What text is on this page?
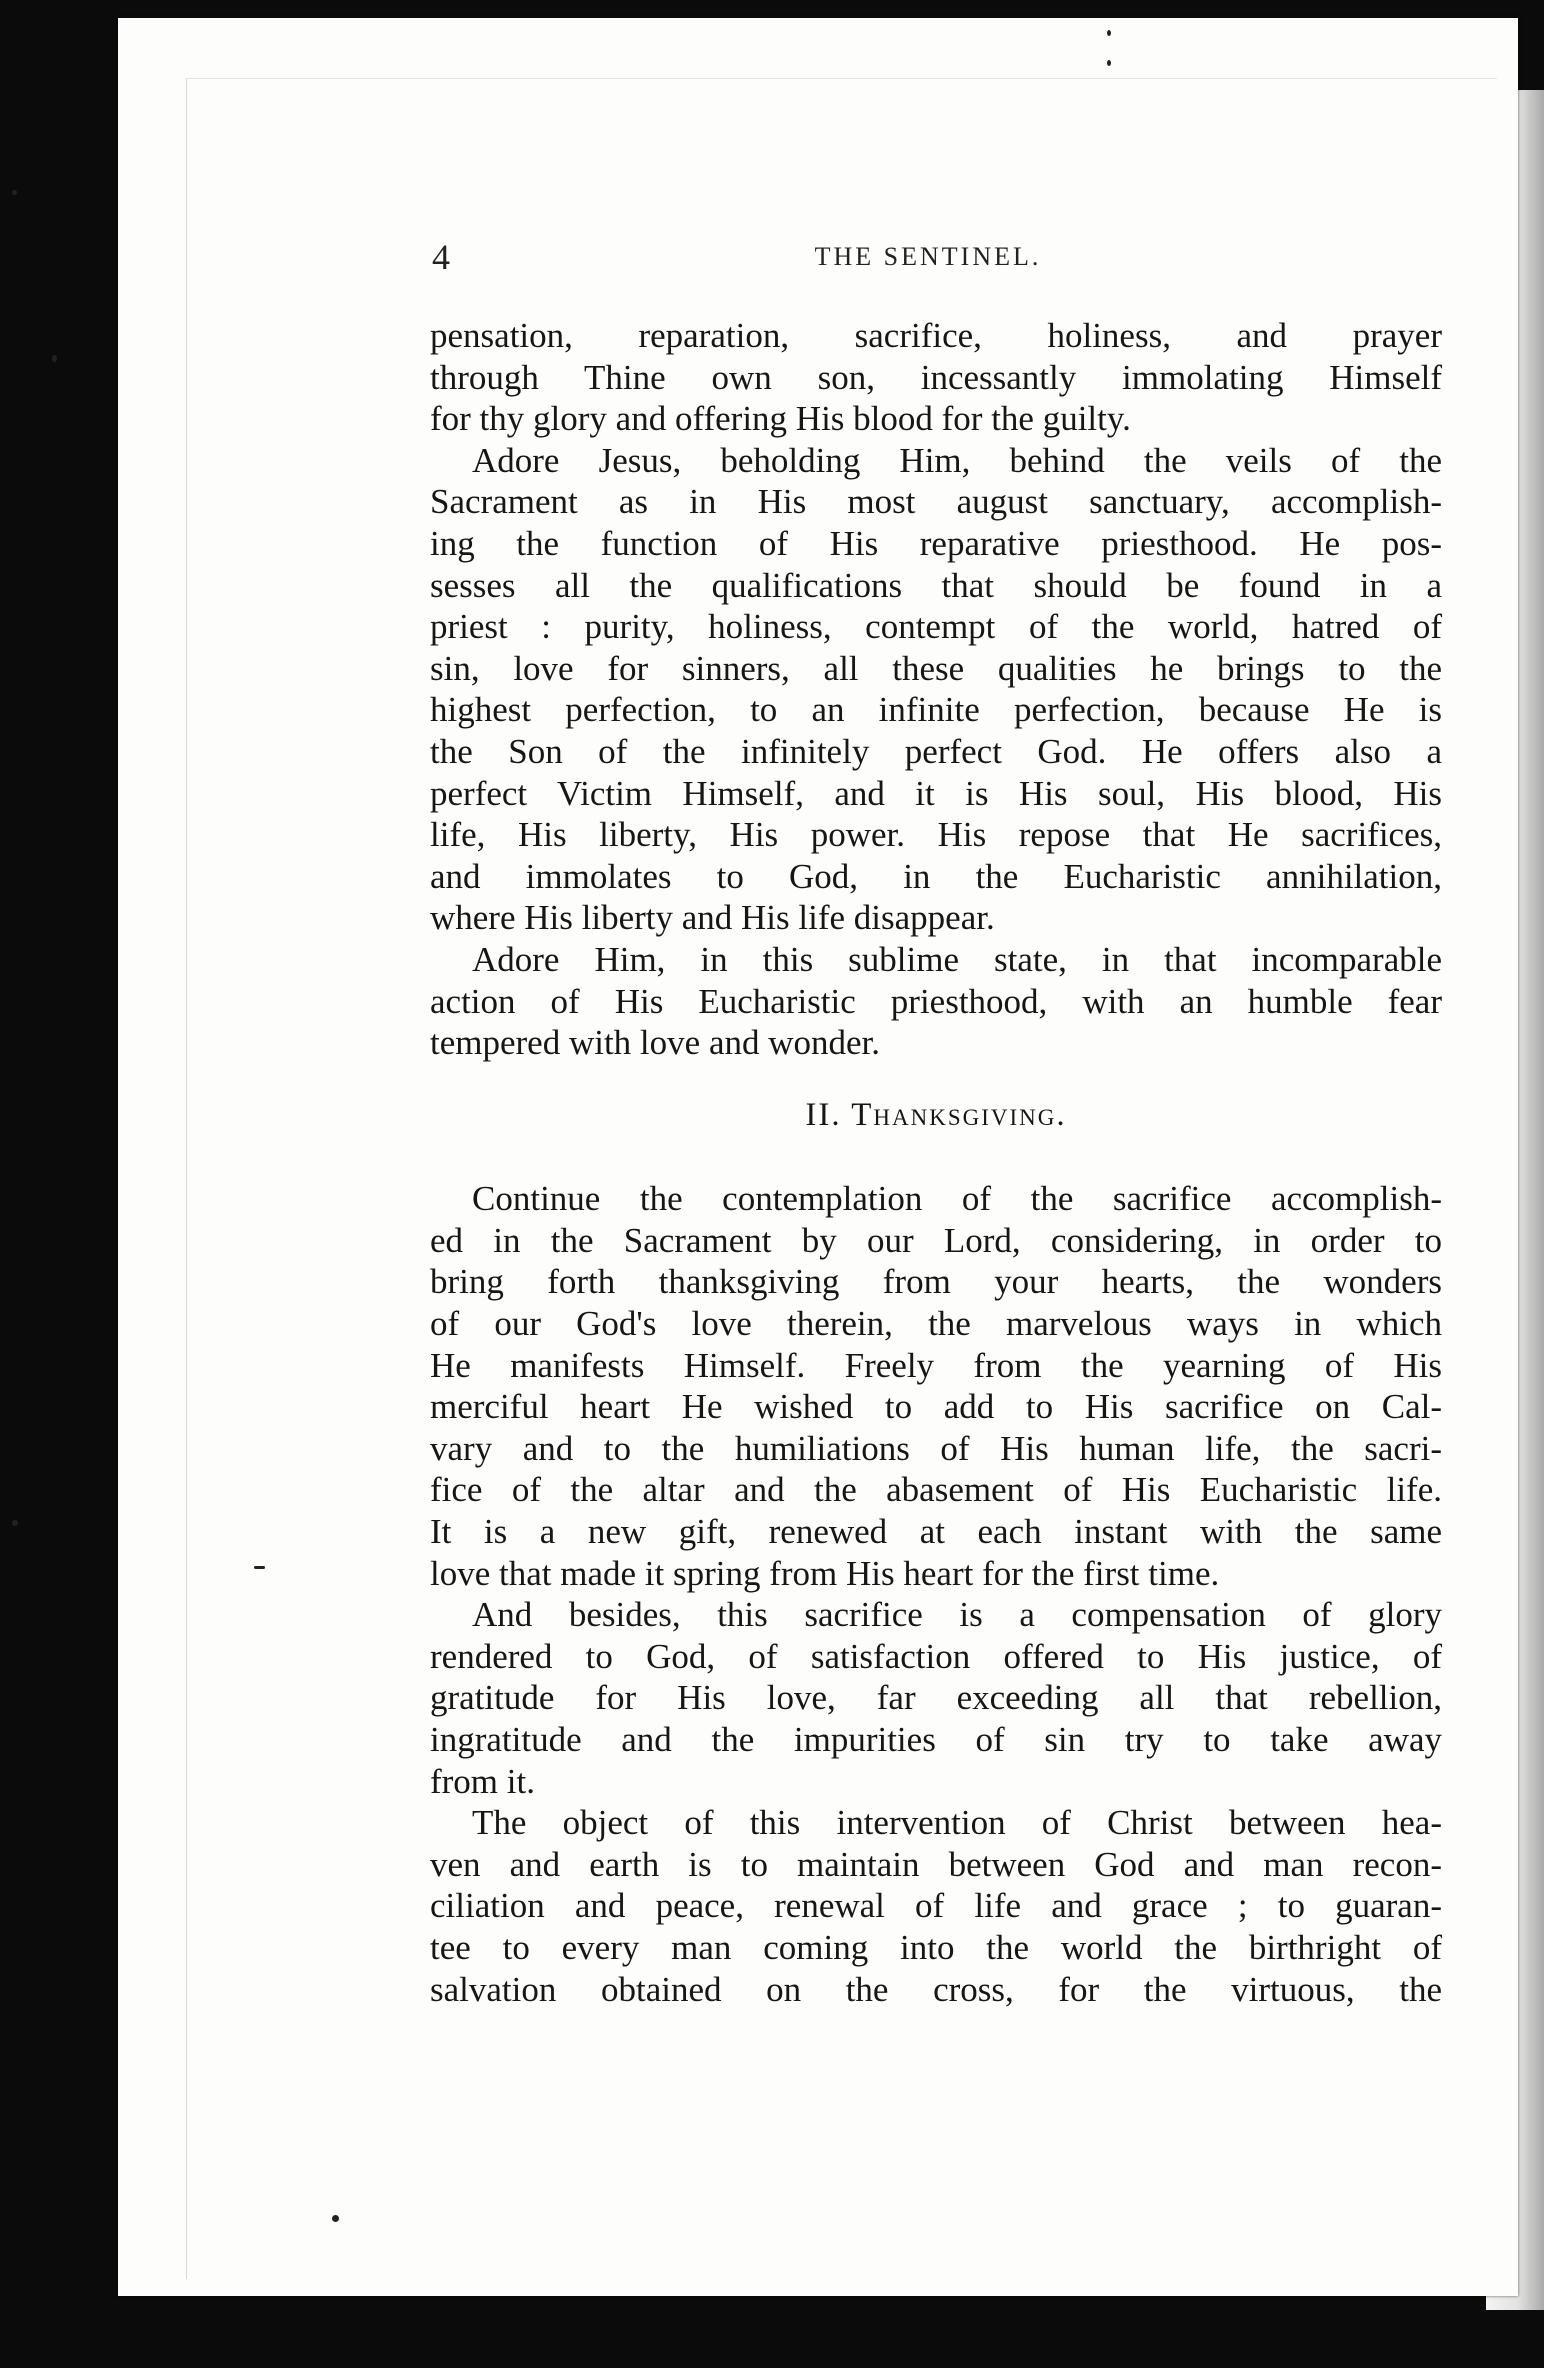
4	THE SENTINEL.
pensation, reparation, sacrifice, holiness, and prayer
through Thine own son, incessantly immolating Himself
for thy glory and offering His blood for the guilty.
Adore Jesus, beholding Him, behind the veils of the
Sacrament as in His most august sanctuary, accomplish-
ing the function of His reparative priesthood. He pos-
sesses all the qualifications that should be found in a
priest : purity, holiness, contempt of the world, hatred of
sin, love for sinners, all these qualities he brings to the
highest perfection, to an infinite perfection, because He is
the Son of the infinitely perfect God. He offers also a
perfect Victim Himself, and it is His soul, His blood, His
life, His liberty, His power. His repose that He sacrifices,
and immolates to God, in the Eucharistic annihilation,
where His liberty and His life disappear.
Adore Him, in this sublime state, in that incomparable
action of His Eucharistic priesthood, with an humble fear
tempered with love and wonder.
II. Thanksgiving.
Continue the contemplation of the sacrifice accomplish-
ed in the Sacrament by our Lord, considering, in order to
bring forth thanksgiving from your hearts, the wonders
of our God's love therein, the marvelous ways in which
He manifests Himself. Freely from the yearning of His
merciful heart He wished to add to His sacrifice on Cal-
vary and to the humiliations of His human life, the sacri-
fice of the altar and the abasement of His Eucharistic life.
It is a new gift, renewed at each instant with the same
love that made it spring from His heart for the first time.
And besides, this sacrifice is a compensation of glory
rendered to God, of satisfaction offered to His justice, of
gratitude for His love, far exceeding all that rebellion,
ingratitude and the impurities of sin try to take away
from it.
The object of this intervention of Christ between hea-
ven and earth is to maintain between God and man recon-
ciliation and peace, renewal of life and grace ; to guaran-
tee to every man coming into the world the birthright of
salvation obtained on the cross, for the virtuous, the
